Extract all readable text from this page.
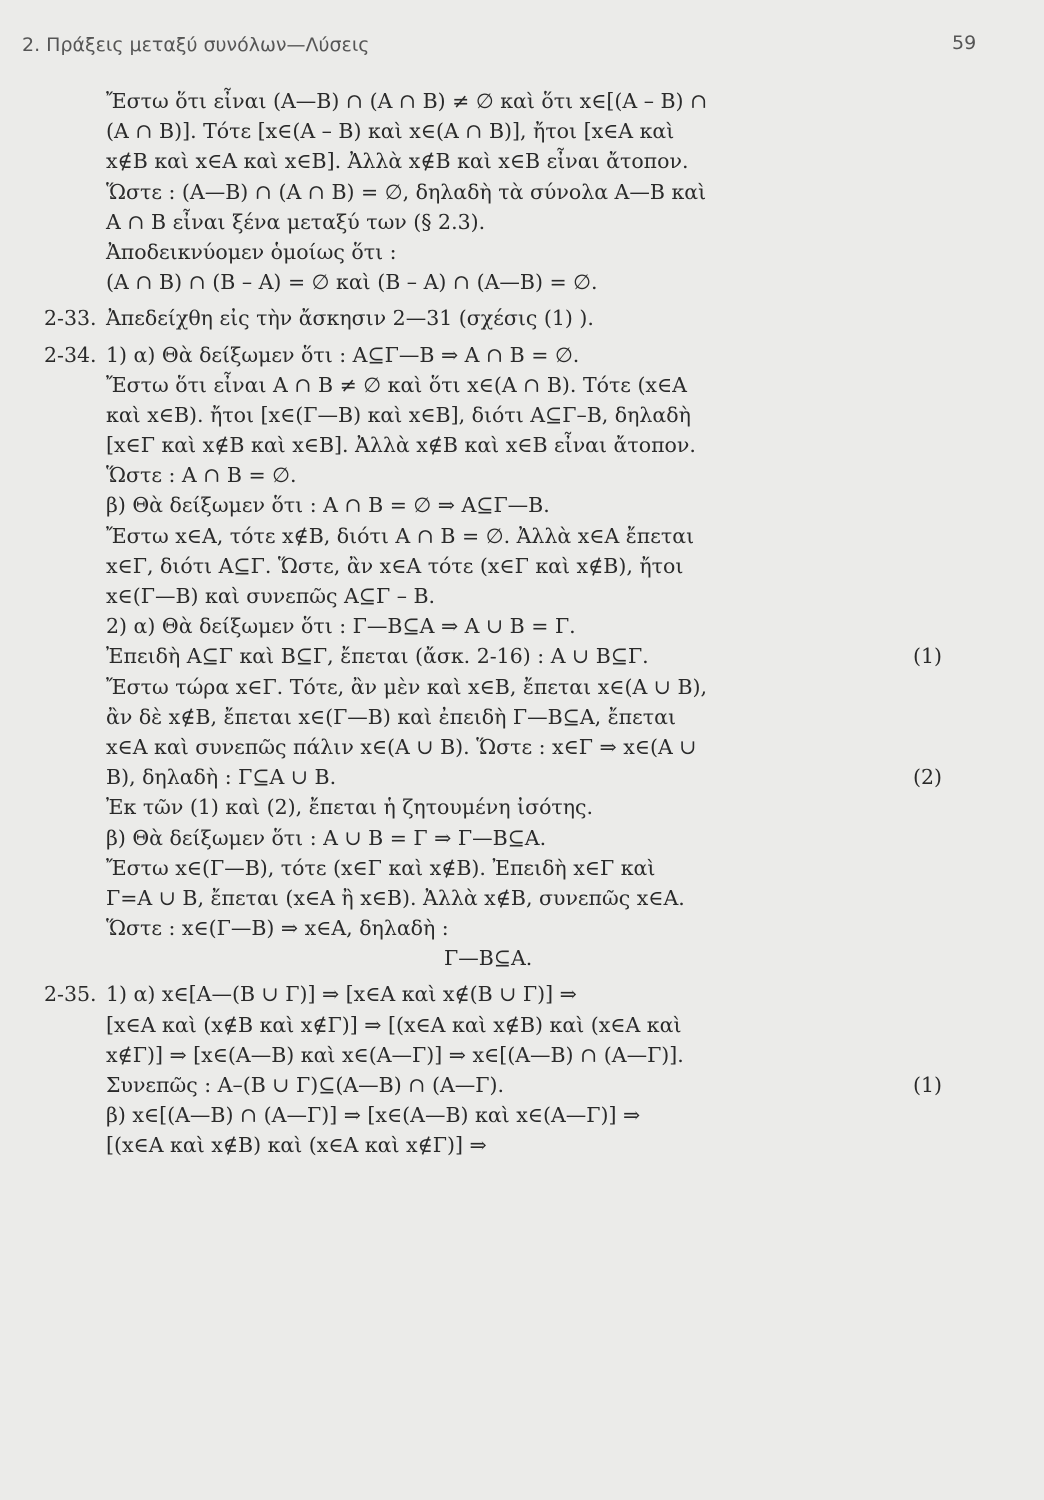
2. Πράξεις μεταξύ συνόλων—Λύσεις	59
Ἔστω ὅτι εἶναι (Α—Β) ∩ (Α ∩ Β) ≠ ∅ καὶ ὅτι x∈[(Α – Β) ∩
(Α ∩ Β)]. Τότε [x∈(Α – Β) καὶ x∈(Α ∩ Β)], ἤτοι [x∈Α καὶ
x∉Β καὶ x∈Α καὶ x∈Β]. Ἀλλὰ x∉Β καὶ x∈Β εἶναι ἄτοπον.
Ὥστε : (Α—Β) ∩ (Α ∩ Β) = ∅, δηλαδὴ τὰ σύνολα Α—Β καὶ
Α ∩ Β εἶναι ξένα μεταξύ των (§ 2.3).
Ἀποδεικνύομεν ὁμοίως ὅτι :
(Α ∩ Β) ∩ (Β – Α) = ∅ καὶ (Β – Α) ∩ (Α—Β) = ∅.
2-33. Ἀπεδείχθη εἰς τὴν ἄσκησιν 2—31 (σχέσις (1) ).
2-34. 1) α) Θὰ δείξωμεν ὅτι : Α⊆Γ—Β ⇒ Α ∩ Β = ∅.
Ἔστω ὅτι εἶναι Α ∩ Β ≠ ∅ καὶ ὅτι x∈(Α ∩ Β). Τότε (x∈Α
καὶ x∈Β). ἤτοι [x∈(Γ—Β) καὶ x∈Β], διότι Α⊆Γ–Β, δηλαδὴ
[x∈Γ καὶ x∉Β καὶ x∈Β]. Ἀλλὰ x∉Β καὶ x∈Β εἶναι ἄτοπον.
Ὥστε : Α ∩ Β = ∅.
β) Θὰ δείξωμεν ὅτι : Α ∩ Β = ∅ ⇒ Α⊆Γ—Β.
Ἔστω x∈Α, τότε x∉Β, διότι Α ∩ Β = ∅. Ἀλλὰ x∈Α ἔπεται
x∈Γ, διότι Α⊆Γ. Ὥστε, ἂν x∈Α τότε (x∈Γ καὶ x∉Β), ἤτοι
x∈(Γ—Β) καὶ συνεπῶς Α⊆Γ – Β.
2) α) Θὰ δείξωμεν ὅτι : Γ—Β⊆Α ⇒ Α ∪ Β = Γ.
Ἐπειδὴ Α⊆Γ καὶ Β⊆Γ, ἔπεται (ἄσκ. 2-16) : Α ∪ Β⊆Γ.	(1)
Ἔστω τώρα x∈Γ. Τότε, ἂν μὲν καὶ x∈Β, ἔπεται x∈(Α ∪ Β),
ἂν δὲ x∉Β, ἔπεται x∈(Γ—Β) καὶ ἐπειδὴ Γ—Β⊆Α, ἔπεται
x∈Α καὶ συνεπῶς πάλιν x∈(Α ∪ Β). Ὥστε : x∈Γ ⇒ x∈(Α ∪
Β), δηλαδὴ : Γ⊆Α ∪ Β.	(2)
Ἐκ τῶν (1) καὶ (2), ἔπεται ἡ ζητουμένη ἰσότης.
β) Θὰ δείξωμεν ὅτι : Α ∪ Β = Γ ⇒ Γ—Β⊆Α.
Ἔστω x∈(Γ—Β), τότε (x∈Γ καὶ x∉Β). Ἐπειδὴ x∈Γ καὶ
Γ=Α ∪ Β, ἔπεται (x∈Α ἢ x∈Β). Ἀλλὰ x∉Β, συνεπῶς x∈Α.
Ὥστε : x∈(Γ—Β) ⇒ x∈Α, δηλαδὴ :
Γ—Β⊆Α.
2-35. 1) α) x∈[Α—(Β ∪ Γ)] ⇒ [x∈Α καὶ x∉(Β ∪ Γ)] ⇒
[x∈Α καὶ (x∉Β καὶ x∉Γ)] ⇒ [(x∈Α καὶ x∉Β) καὶ (x∈Α καὶ
x∉Γ)] ⇒ [x∈(Α—Β) καὶ x∈(Α—Γ)] ⇒ x∈[(Α—Β) ∩ (Α—Γ)].
Συνεπῶς : Α–(Β ∪ Γ)⊆(Α—Β) ∩ (Α—Γ).	(1)
β) x∈[(Α—Β) ∩ (Α—Γ)] ⇒ [x∈(Α—Β) καὶ x∈(Α—Γ)] ⇒
[(x∈Α καὶ x∉Β) καὶ (x∈Α καὶ x∉Γ)] ⇒
